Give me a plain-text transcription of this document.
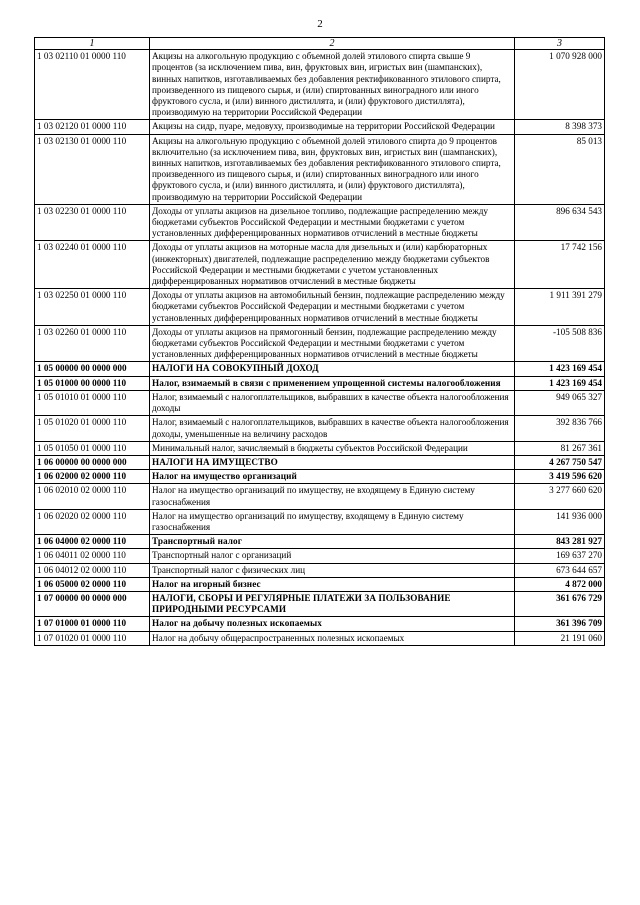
2
1	2	3
1 03 02110 01 0000 110	Акцизы на алкогольную продукцию с объемной долей этилового спирта свыше 9 процентов (за исключением пива, вин, фруктовых вин, игристых вин (шампанских), винных напитков, изготавливаемых без добавления ректификованного этилового спирта, произведенного из пищевого сырья, и (или) спиртованных виноградного или иного фруктового сусла, и (или) винного дистиллята, и (или) фруктового дистиллята), производимую на территории Российской Федерации	1 070 928 000
1 03 02120 01 0000 110	Акцизы на сидр, пуаре, медовуху, производимые на территории Российской Федерации	8 398 373
1 03 02130 01 0000 110	Акцизы на алкогольную продукцию с объемной долей этилового спирта до 9 процентов включительно (за исключением пива, вин, фруктовых вин, игристых вин (шампанских), винных напитков, изготавливаемых без добавления ректификованного этилового спирта, произведенного из пищевого сырья, и (или) спиртованных виноградного или иного фруктового сусла, и (или) винного дистиллята, и (или) фруктового дистиллята), производимую на территории Российской Федерации	85 013
1 03 02230 01 0000 110	Доходы от уплаты акцизов на дизельное топливо, подлежащие распределению между бюджетами субъектов Российской Федерации и местными бюджетами с учетом установленных дифференцированных нормативов отчислений в местные бюджеты	896 634 543
1 03 02240 01 0000 110	Доходы от уплаты акцизов на моторные масла для дизельных и (или) карбюраторных (инжекторных) двигателей, подлежащие распределению между бюджетами субъектов Российской Федерации и местными бюджетами с учетом установленных дифференцированных нормативов отчислений в местные бюджеты	17 742 156
1 03 02250 01 0000 110	Доходы от уплаты акцизов на автомобильный бензин, подлежащие распределению между бюджетами субъектов Российской Федерации и местными бюджетами с учетом установленных дифференцированных нормативов отчислений в местные бюджеты	1 911 391 279
1 03 02260 01 0000 110	Доходы от уплаты акцизов на прямогонный бензин, подлежащие распределению между бюджетами субъектов Российской Федерации и местными бюджетами с учетом установленных дифференцированных нормативов отчислений в местные бюджеты	-105 508 836
1 05 00000 00 0000 000	НАЛОГИ НА СОВОКУПНЫЙ ДОХОД	1 423 169 454
1 05 01000 00 0000 110	Налог, взимаемый в связи с применением упрощенной системы налогообложения	1 423 169 454
1 05 01010 01 0000 110	Налог, взимаемый с налогоплательщиков, выбравших в качестве объекта налогообложения доходы	949 065 327
1 05 01020 01 0000 110	Налог, взимаемый с налогоплательщиков, выбравших в качестве объекта налогообложения доходы, уменьшенные на величину расходов	392 836 766
1 05 01050 01 0000 110	Минимальный налог, зачисляемый в бюджеты субъектов Российской Федерации	81 267 361
1 06 00000 00 0000 000	НАЛОГИ НА ИМУЩЕСТВО	4 267 750 547
1 06 02000 02 0000 110	Налог на имущество организаций	3 419 596 620
1 06 02010 02 0000 110	Налог на имущество организаций по имуществу, не входящему в Единую систему газоснабжения	3 277 660 620
1 06 02020 02 0000 110	Налог на имущество организаций по имуществу, входящему в Единую систему газоснабжения	141 936 000
1 06 04000 02 0000 110	Транспортный налог	843 281 927
1 06 04011 02 0000 110	Транспортный налог с организаций	169 637 270
1 06 04012 02 0000 110	Транспортный налог с физических лиц	673 644 657
1 06 05000 02 0000 110	Налог на игорный бизнес	4 872 000
1 07 00000 00 0000 000	НАЛОГИ, СБОРЫ И РЕГУЛЯРНЫЕ ПЛАТЕЖИ ЗА ПОЛЬЗОВАНИЕ ПРИРОДНЫМИ РЕСУРСАМИ	361 676 729
1 07 01000 01 0000 110	Налог на добычу полезных ископаемых	361 396 709
1 07 01020 01 0000 110	Налог на добычу общераспространенных полезных ископаемых	21 191 060
